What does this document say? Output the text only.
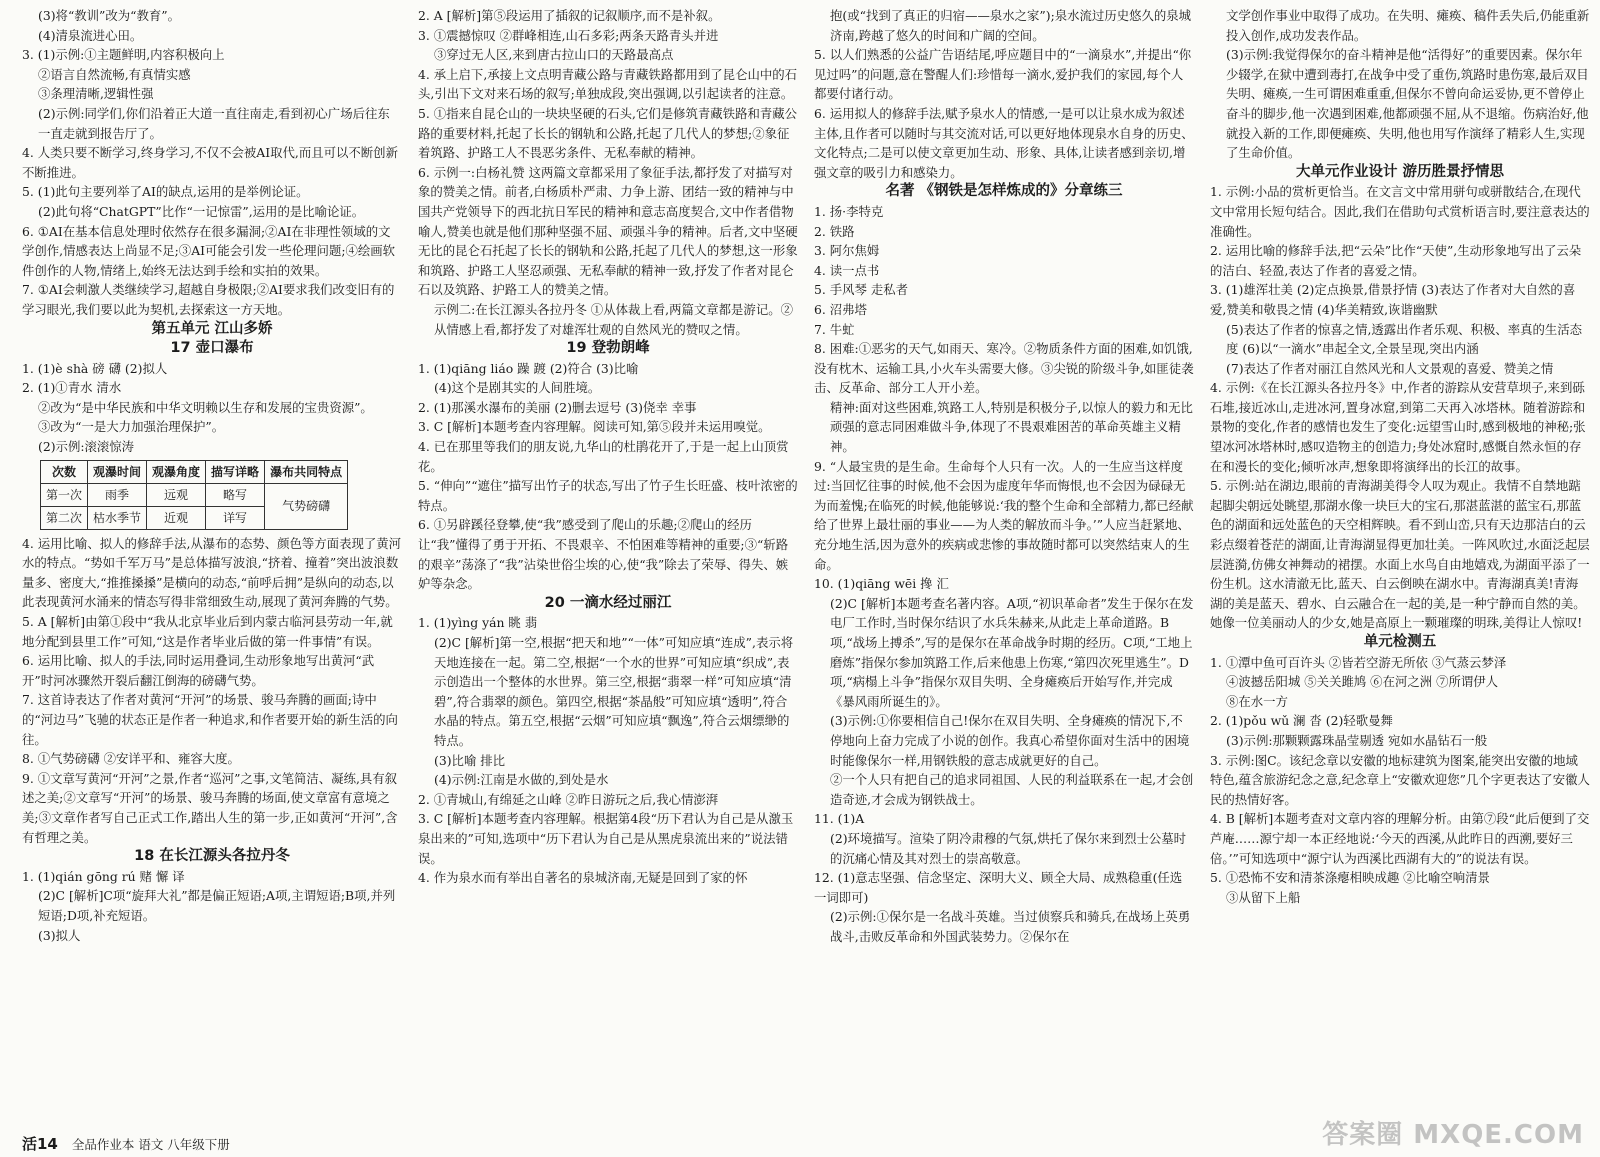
(3)将“教训”改为“教育”。

(4)清泉流进心田。

3. (1)示例:①主题鲜明,内容积极向上

②语言自然流畅,有真情实感

③条理清晰,逻辑性强

(2)示例:同学们,你们沿着正大道一直往南走,看到初心广场后往东一直走就到报告厅了。

4. 人类只要不断学习,终身学习,不仅不会被AI取代,而且可以不断创新不断推进。

5. (1)此句主要列举了AI的缺点,运用的是举例论证。

(2)此句将“ChatGPT”比作“一记惊雷”,运用的是比喻论证。

6. ①AI在基本信息处理时依然存在很多漏洞;②AI在非理性领域的文学创作,情感表达上尚显不足;③AI可能会引发一些伦理问题;④绘画软件创作的人物,情绪上,始终无法达到手绘和实拍的效果。

7. ①AI会刺激人类继续学习,超越自身极限;②AI要求我们改变旧有的学习眼光,我们要以此为契机,去探索这一方天地。

第五单元 江山多娇

17 壶口瀑布

1. (1)è shà 磅 礴 (2)拟人

2. (1)①青水 清水

②改为“是中华民族和中华文明赖以生存和发展的宝贵资源”。

③改为“一是大力加强治理保护”。

(2)示例:滚滚惊涛

次数	观瀑时间	观瀑角度	描写详略	瀑布共同特点
第一次	雨季	远观	略写	气势磅礴
第二次	枯水季节	近观	详写	

4. 运用比喻、拟人的修辞手法,从瀑布的态势、颜色等方面表现了黄河水的特点。“势如千军万马”是总体描写波浪,“挤着、撞着”突出波浪数量多、密度大,“推推搡搡”是横向的动态,“前呼后拥”是纵向的动态,以此表现黄河水涌来的情态写得非常细致生动,展现了黄河奔腾的气势。

5. A [解析]由第①段中“我从北京毕业后到内蒙古临河县劳动一年,就地分配到县里工作”可知,“这是作者毕业后做的第一件事情”有误。

6. 运用比喻、拟人的手法,同时运用叠词,生动形象地写出黄河“武开”时河冰骤然开裂后翻江倒海的磅礴气势。

7. 这首诗表达了作者对黄河“开河”的场景、骏马奔腾的画面;诗中的“河边马”飞驰的状态正是作者一种追求,和作者要开始的新生活的向往。

8. ①气势磅礴 ②安详平和、雍容大度。

9. ①文章写黄河“开河”之景,作者“巡河”之事,文笔简洁、凝练,具有叙述之美;②文章写“开河”的场景、骏马奔腾的场面,使文章富有意境之美;③文章作者写自己正式工作,踏出人生的第一步,正如黄河“开河”,含有哲理之美。

18 在长江源头各拉丹冬

1. (1)qián gōng rú 赌 懈 译

(2)C [解析]C项“旋拜大礼”都是偏正短语;A项,主谓短语;B项,并列短语;D项,补充短语。

(3)拟人

2. A [解析]第⑤段运用了插叙的记叙顺序,而不是补叙。

3. ①震撼惊叹 ②群峰相连,山石多彩;两条天路青头并进

③穿过无人区,来到唐古拉山口的天路最高点

4. 承上启下,承接上文点明青藏公路与青藏铁路都用到了昆仑山中的石头,引出下文对来石场的叙写;单独成段,突出强调,以引起读者的注意。

5. ①指来自昆仑山的一块块坚硬的石头,它们是修筑青藏铁路和青藏公路的重要材料,托起了长长的钢轨和公路,托起了几代人的梦想;②象征着筑路、护路工人不畏恶劣条件、无私奉献的精神。

6. 示例一:白杨礼赞 这两篇文章都采用了象征手法,都抒发了对描写对象的赞美之情。前者,白杨质朴严肃、力争上游、团结一致的精神与中国共产党领导下的西北抗日军民的精神和意志高度契合,文中作者借物喻人,赞美也就是他们那种坚强不屈、顽强斗争的精神。后者,文中坚硬无比的昆仑石托起了长长的钢轨和公路,托起了几代人的梦想,这一形象和筑路、护路工人坚忍顽强、无私奉献的精神一致,抒发了作者对昆仑石以及筑路、护路工人的赞美之情。

示例二:在长江源头各拉丹冬 ①从体裁上看,两篇文章都是游记。②从情感上看,都抒发了对雄浑壮观的自然风光的赞叹之情。

19 登勃朗峰

1. (1)qiāng liáo 躁 踱 (2)符合 (3)比喻

(4)这个是剧其实的人间胜境。

2. (1)那溪水瀑布的美丽 (2)删去逗号 (3)侥幸 幸事

3. C [解析]本题考查内容理解。阅读可知,第⑤段并未运用嗅觉。

4. 已在那里等我们的朋友说,九华山的杜鹃花开了,于是一起上山顶赏花。

5. “伸向”“遮住”描写出竹子的状态,写出了竹子生长旺盛、枝叶浓密的特点。

6. ①另辟蹊径登攀,使“我”感受到了爬山的乐趣;②爬山的经历让“我”懂得了勇于开拓、不畏艰辛、不怕困难等精神的重要;③“斩路的艰辛”荡涤了“我”沾染世俗尘埃的心,使“我”除去了荣辱、得失、嫉妒等杂念。

20 一滴水经过丽江

1. (1)yìng yán 眺 翡

(2)C [解析]第一空,根据“把天和地”“一体”可知应填“连成”,表示将天地连接在一起。第二空,根据“一个水的世界”可知应填“织成”,表示创造出一个整体的水世界。第三空,根据“翡翠一样”可知应填“清碧”,符合翡翠的颜色。第四空,根据“茶晶般”可知应填“透明”,符合水晶的特点。第五空,根据“云烟”可知应填“飘逸”,符合云烟缥缈的特点。

(3)比喻 排比

(4)示例:江南是水做的,到处是水

2. ①青城山,有绵延之山峰 ②昨日游玩之后,我心情澎湃

3. C [解析]本题考查内容理解。根据第4段“历下君认为自己是从激玉泉出来的”可知,选项中“历下君认为自己是从黑虎泉流出来的”说法错误。

4. 作为泉水而有举出自著名的泉城济南,无疑是回到了家的怀

抱(或“找到了真正的归宿——泉水之家”);泉水流过历史悠久的泉城济南,跨越了悠久的时间和广阔的空间。

5. 以人们熟悉的公益广告语结尾,呼应题目中的“一滴泉水”,并提出“你见过吗”的问题,意在警醒人们:珍惜每一滴水,爱护我们的家园,每个人都要付诸行动。

6. 运用拟人的修辞手法,赋予泉水人的情感,一是可以让泉水成为叙述主体,且作者可以随时与其交流对话,可以更好地体现泉水自身的历史、文化特点;二是可以使文章更加生动、形象、具体,让读者感到亲切,增强文章的吸引力和感染力。

名著 《钢铁是怎样炼成的》分章练三

1. 扬·李特克

2. 铁路

3. 阿尔焦姆

4. 读一点书

5. 手风琴 走私者

6. 沼弗塔

7. 牛虻

8. 困难:①恶劣的天气,如雨天、寒冷。②物质条件方面的困难,如饥饿,没有枕木、运输工具,小火车头需要大修。③尖锐的阶级斗争,如匪徒袭击、反革命、部分工人开小差。

精神:面对这些困难,筑路工人,特别是积极分子,以惊人的毅力和无比顽强的意志同困难做斗争,体现了不畏艰难困苦的革命英雄主义精神。

9. “人最宝贵的是生命。生命每个人只有一次。人的一生应当这样度过:当回忆往事的时候,他不会因为虚度年华而悔恨,也不会因为碌碌无为而羞愧;在临死的时候,他能够说:‘我的整个生命和全部精力,都已经献给了世界上最壮丽的事业——为人类的解放而斗争。’”人应当赶紧地、充分地生活,因为意外的疾病或悲惨的事故随时都可以突然结束人的生命。

10. (1)qiāng wēi 搀 汇

(2)C [解析]本题考查名著内容。A项,“初识革命者”发生于保尔在发电厂工作时,当时保尔结识了水兵朱赫来,从此走上革命道路。B项,“战场上搏杀”,写的是保尔在革命战争时期的经历。C项,“工地上磨炼”指保尔参加筑路工作,后来他患上伤寒,“第四次死里逃生”。D项,“病榻上斗争”指保尔双目失明、全身瘫痪后开始写作,并完成《暴风雨所诞生的》。

(3)示例:①你要相信自己!保尔在双目失明、全身瘫痪的情况下,不停地向上奋力完成了小说的创作。我真心希望你面对生活中的困境时能像保尔一样,用钢铁般的意志成就更好的自己。

②一个人只有把自己的追求同祖国、人民的利益联系在一起,才会创造奇迹,才会成为钢铁战士。

11. (1)A

(2)环境描写。渲染了阴冷肃穆的气氛,烘托了保尔来到烈士公墓时的沉痛心情及其对烈士的崇高敬意。

12. (1)意志坚强、信念坚定、深明大义、顾全大局、成熟稳重(任选一词即可)

(2)示例:①保尔是一名战斗英雄。当过侦察兵和骑兵,在战场上英勇战斗,击败反革命和外国武装势力。②保尔在

文学创作事业中取得了成功。在失明、瘫痪、稿件丢失后,仍能重新投入创作,成功发表作品。

(3)示例:我觉得保尔的奋斗精神是他“活得好”的重要因素。保尔年少辍学,在狱中遭到毒打,在战争中受了重伤,筑路时患伤寒,最后双目失明、瘫痪,一生可谓困难重重,但保尔不曾向命运妥协,更不曾停止奋斗的脚步,他一次遇到困难,他都顽强不屈,从不退缩。伤病治好,他就投入新的工作,即便瘫痪、失明,他也用写作演绎了精彩人生,实现了生命价值。

大单元作业设计 游历胜景抒情思

1. 示例:小品的赏析更恰当。在文言文中常用骈句或骈散结合,在现代文中常用长短句结合。因此,我们在借助句式赏析语言时,要注意表达的准确性。

2. 运用比喻的修辞手法,把“云朵”比作“天使”,生动形象地写出了云朵的洁白、轻盈,表达了作者的喜爱之情。

3. (1)雄浑壮美 (2)定点换景,借景抒情 (3)表达了作者对大自然的喜爱,赞美和敬畏之情 (4)华美精致,诙谐幽默

(5)表达了作者的惊喜之情,透露出作者乐观、积极、率真的生活态度 (6)以“一滴水”串起全文,全景呈现,突出内涵

(7)表达了作者对丽江自然风光和人文景观的喜爱、赞美之情

4. 示例:《在长江源头各拉丹冬》中,作者的游踪从安营草坝子,来到砾石堆,接近冰山,走进冰河,置身冰窟,到第二天再入冰塔林。随着游踪和景物的变化,作者的感情也发生了变化:远望雪山时,感到极地的神秘;张望冰河冰塔林时,感叹造物主的创造力;身处冰窟时,感慨自然永恒的存在和漫长的变化;倾听冰声,想象即将演绎出的长江的故事。

5. 示例:站在湖边,眼前的青海湖美得令人叹为观止。我情不自禁地踮起脚尖朝远处眺望,那湖水像一块巨大的宝石,那湛蓝湛的蓝宝石,那蓝色的湖面和远处蓝色的天空相辉映。看不到山峦,只有天边那洁白的云彩点缀着苍茫的湖面,让青海湖显得更加壮美。一阵风吹过,水面泛起层层涟漪,仿佛女神舞动的裙摆。水面上水鸟自由地嬉戏,为湖面平添了一份生机。这水清澈无比,蓝天、白云倒映在湖水中。青海湖真美!青海湖的美是蓝天、碧水、白云融合在一起的美,是一种宁静而自然的美。她像一位美丽动人的少女,她是高原上一颗璀璨的明珠,美得让人惊叹!

单元检测五

1. ①潭中鱼可百许头 ②皆若空游无所依 ③气蒸云梦泽

④波撼岳阳城 ⑤关关雎鸠 ⑥在河之洲 ⑦所谓伊人

⑧在水一方

2. (1)pǒu wǔ 澜 沓 (2)轻歌曼舞

(3)示例:那颗颗露珠晶莹剔透 宛如水晶钻石一般

3. 示例:图C。该纪念章以安徽的地标建筑为图案,能突出安徽的地域特色,蕴含旅游纪念之意,纪念章上“安徽欢迎您”几个字更表达了安徽人民的热情好客。

4. B [解析]本题考查对文章内容的理解分析。由第⑦段“此后便到了交芦庵……源宁却一本正经地说:‘今天的西溪,从此昨日的西溯,要好三倍。’”可知选项中“源宁认为西溪比西湖有大的”的说法有误。

5. ①恐怖不安和清茶涤瘪相映成趣 ②比喻空响清景

③从留下上船

活14 全品作业本 语文 八年级下册	答案圈 MXQE.COM
